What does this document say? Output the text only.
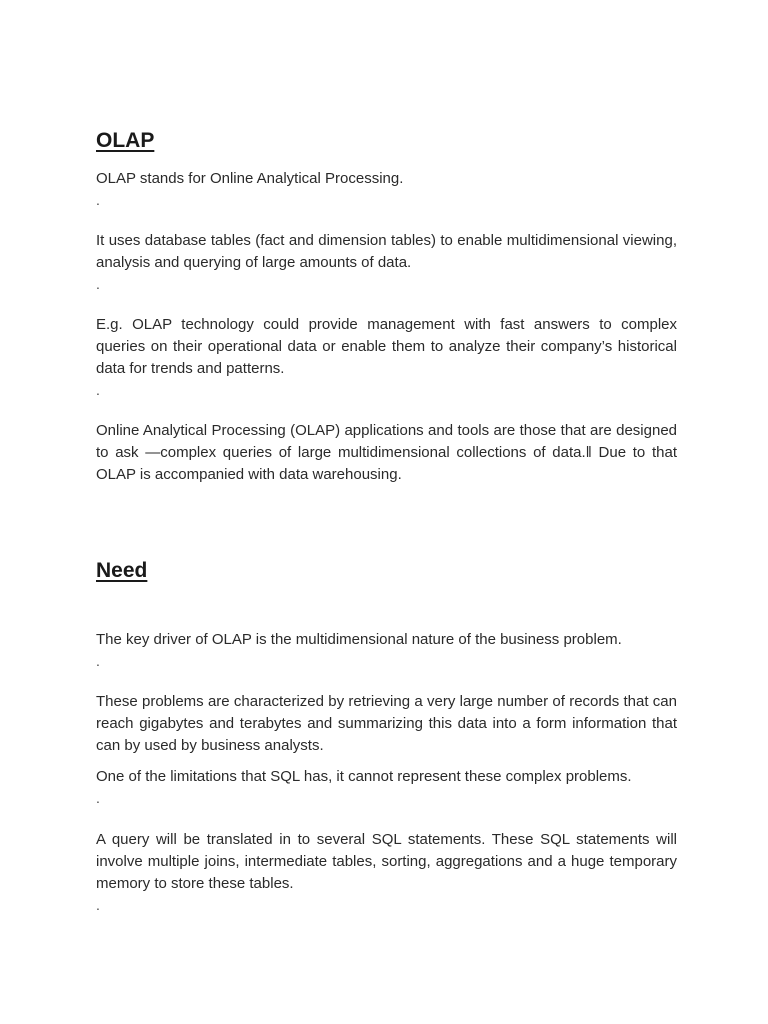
OLAP

OLAP stands for Online Analytical Processing.

.

It uses database tables (fact and dimension tables) to enable multidimensional viewing, analysis and querying of large amounts of data.

.

E.g. OLAP technology could provide management with fast answers to complex queries on their operational data or enable them to analyze their company’s historical data for trends and patterns.

.

Online Analytical Processing (OLAP) applications and tools are those that are designed to ask ―complex queries of large multidimensional collections of data.‖ Due to that OLAP is accompanied with data warehousing.

Need

The key driver of OLAP is the multidimensional nature of the business problem.

.

These problems are characterized by retrieving a very large number of records that can reach gigabytes and terabytes and summarizing this data into a form information that can by used by business analysts.

One of the limitations that SQL has, it cannot represent these complex problems.

.

A query will be translated in to several SQL statements. These SQL statements will involve multiple joins, intermediate tables, sorting, aggregations and a huge temporary memory to store these tables.

.
